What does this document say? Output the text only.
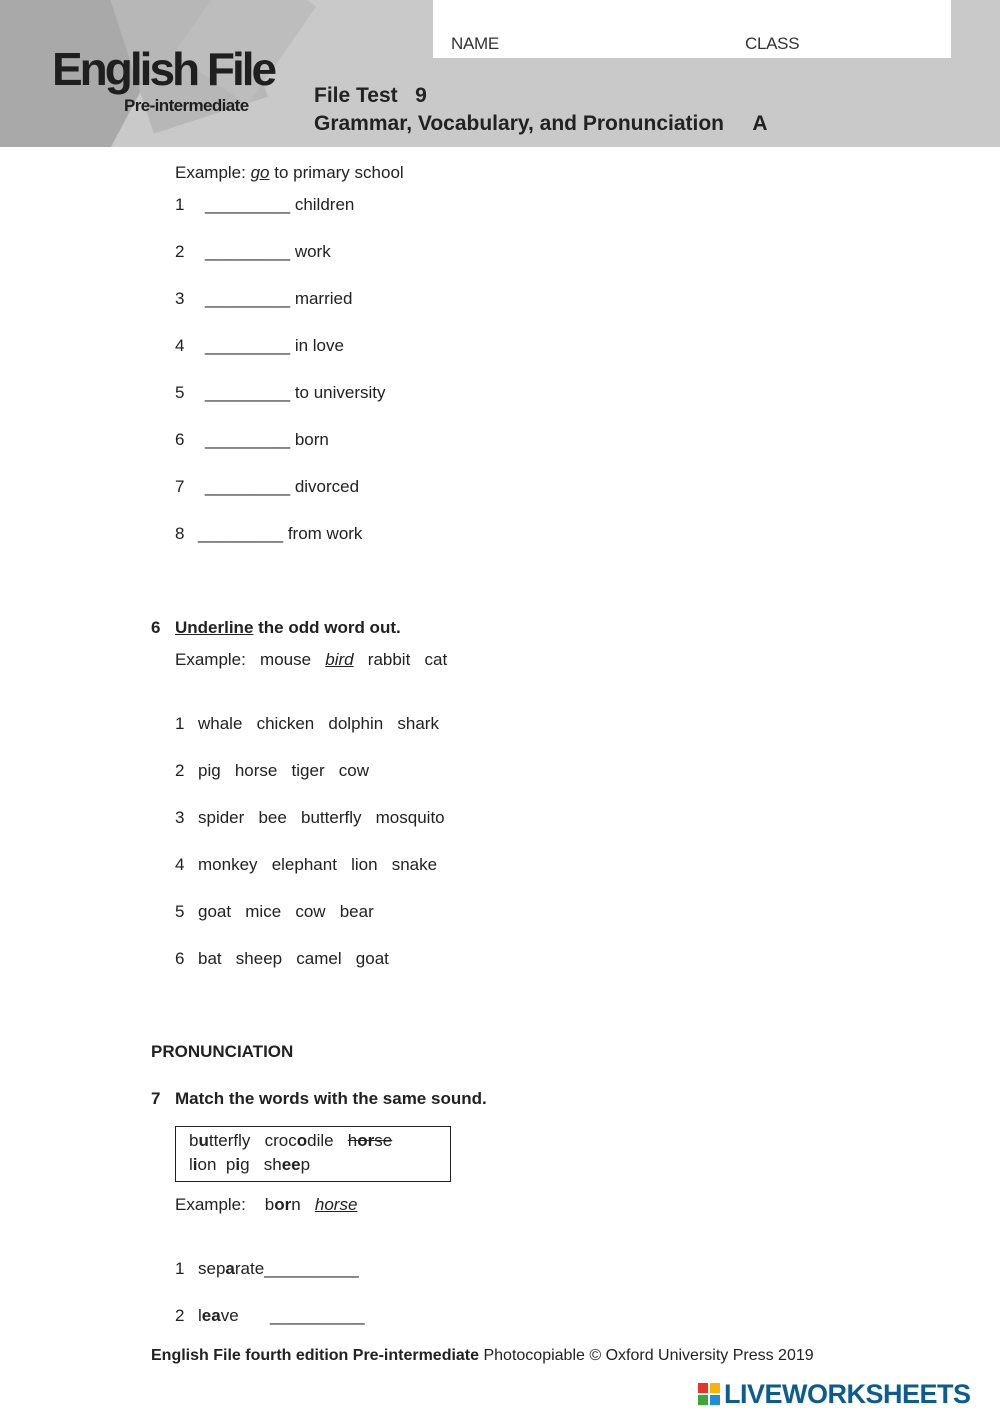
NAME	CLASS
English File
Pre-intermediate	File Test   9
Grammar, Vocabulary, and Pronunciation     A
Example: go to primary school
1 _________ children
2 _________ work
3 _________ married
4 _________ in love
5 _________ to university
6 _________ born
7 _________ divorced
8 _________ from work
6 Underline the odd word out.
Example: mouse bird rabbit cat
1 whale   chicken   dolphin   shark
2 pig   horse   tiger   cow
3 spider   bee   butterfly   mosquito
4 monkey   elephant   lion   snake
5 goat   mice   cow   bear
6 bat   sheep   camel   goat
PRONUNCIATION
7 Match the words with the same sound.
butterfly crocodile horse
lion pig sheep
Example: born horse
1 separate__________
2 leave __________
English File fourth edition Pre-intermediate Photocopiable © Oxford University Press 2019
LIVEWORKSHEETS
